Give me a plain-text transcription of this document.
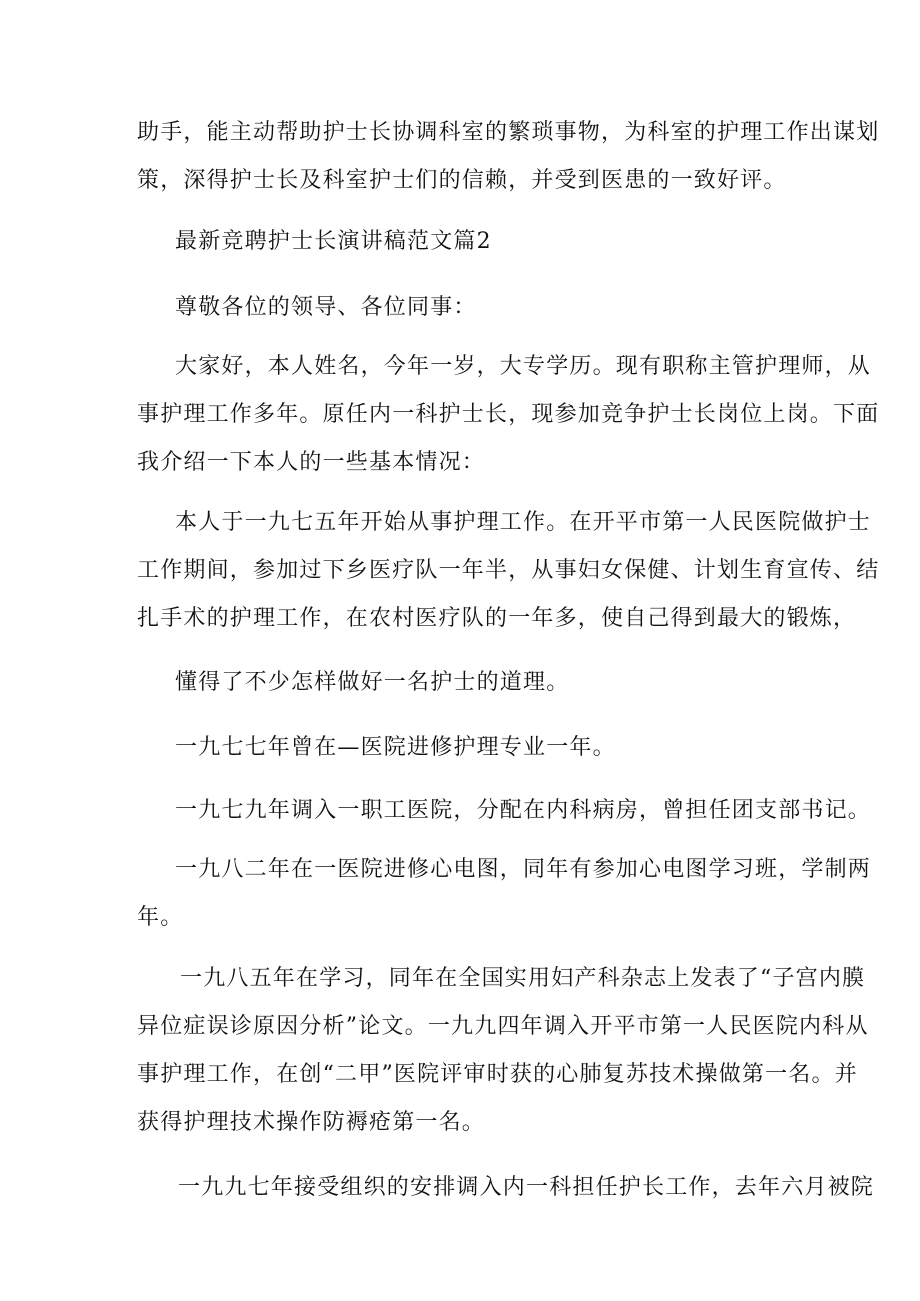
助手，能主动帮助护士长协调科室的繁琐事物，为科室的护理工作出谋划
策，深得护士长及科室护士们的信赖，并受到医患的一致好评。
最新竞聘护士长演讲稿范文篇2
尊敬各位的领导、各位同事：
大家好，本人姓名，今年一岁，大专学历。现有职称主管护理师，从
事护理工作多年。原任内一科护士长，现参加竞争护士长岗位上岗。下面
我介绍一下本人的一些基本情况：
本人于一九七五年开始从事护理工作。在开平市第一人民医院做护士
工作期间，参加过下乡医疗队一年半，从事妇女保健、计划生育宣传、结
扎手术的护理工作，在农村医疗队的一年多，使自己得到最大的锻炼，
懂得了不少怎样做好一名护士的道理。
一九七七年曾在—医院进修护理专业一年。
一九七九年调入一职工医院，分配在内科病房，曾担任团支部书记。
一九八二年在一医院进修心电图，同年有参加心电图学习班，学制两
年。
一九八五年在学习，同年在全国实用妇产科杂志上发表了“子宫内膜
异位症误诊原因分析”论文。一九九四年调入开平市第一人民医院内科从
事护理工作，在创“二甲”医院评审时获的心肺复苏技术操做第一名。并
获得护理技术操作防褥疮第一名。
一九九七年接受组织的安排调入内一科担任护长工作，去年六月被院
